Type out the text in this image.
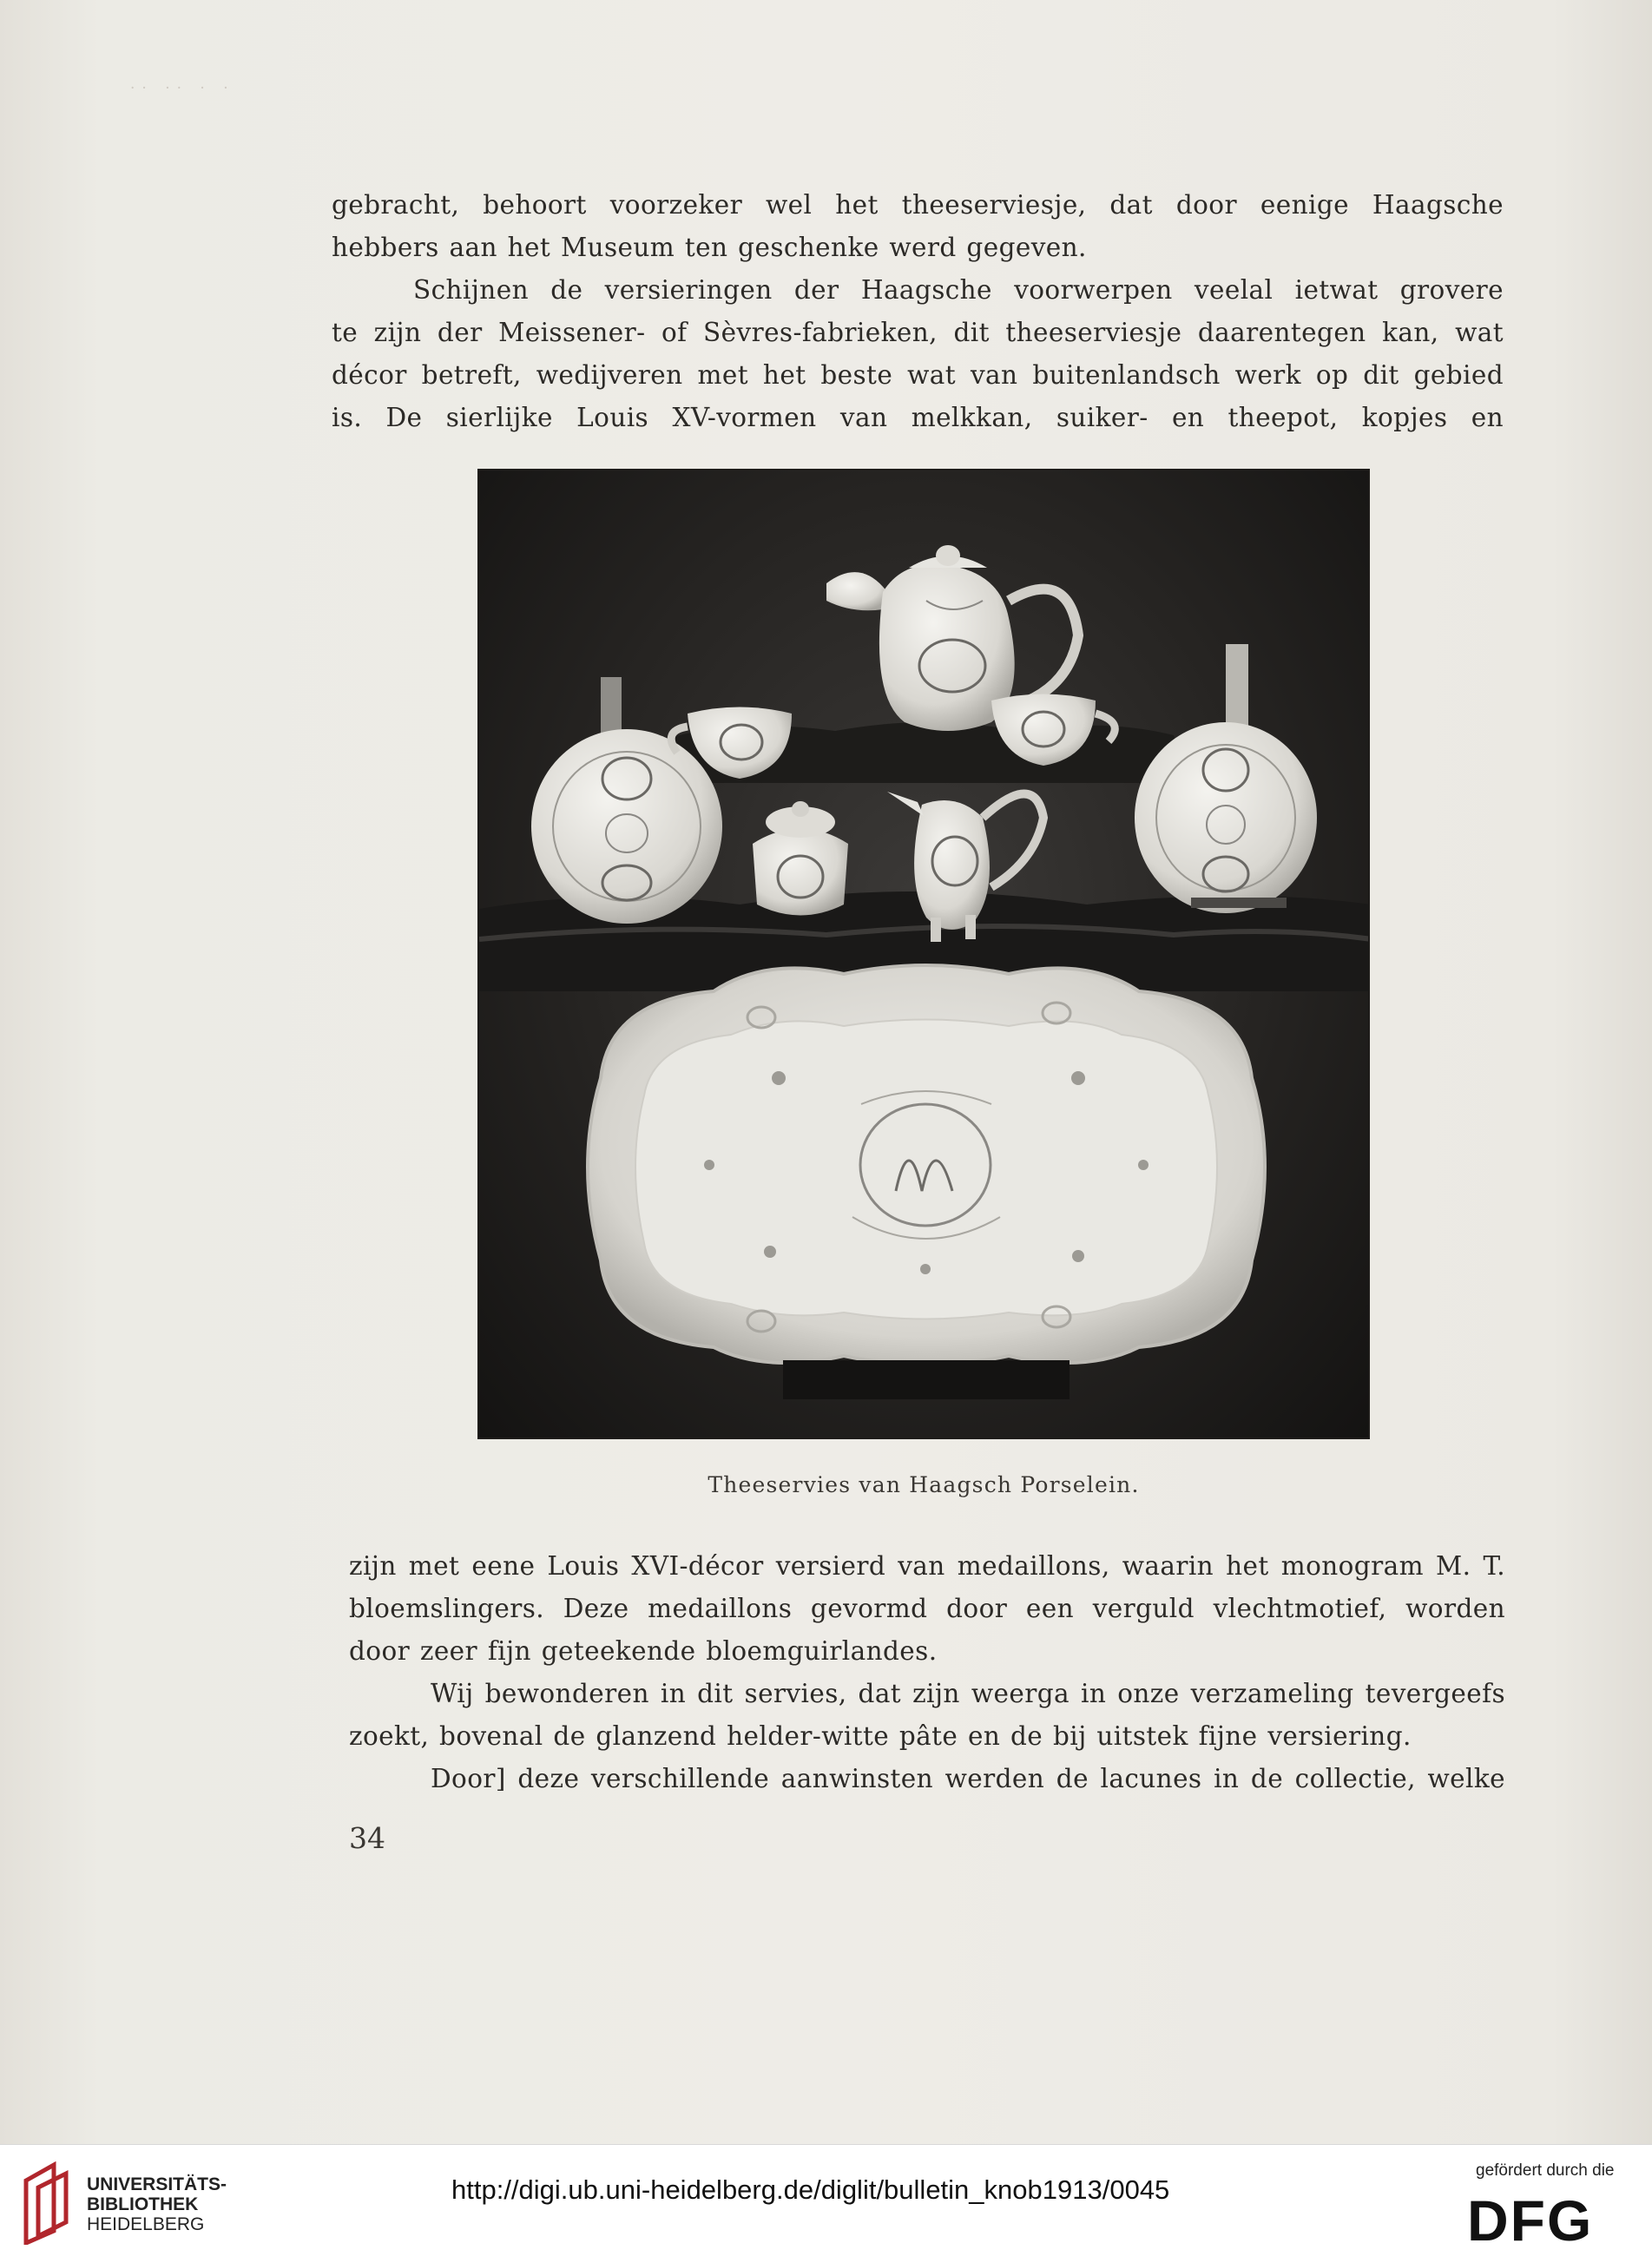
·· ·· · ·

gebracht, behoort voorzeker wel het theeserviesje, dat door eenige Haagsche
hebbers aan het Museum ten geschenke werd gegeven.
Schijnen de versieringen der Haagsche voorwerpen veelal ietwat grovere
te zijn der Meissener- of Sèvres-fabrieken, dit theeserviesje daarentegen kan, wat
décor betreft, wedijveren met het beste wat van buitenlandsch werk op dit gebied
is. De sierlijke Louis XV-vormen van melkkan, suiker- en theepot, kopjes en

Theeservies van Haagsch Porselein.

zijn met eene Louis XVI-décor versierd van medaillons, waarin het monogram M. T.
bloemslingers. Deze medaillons gevormd door een verguld vlechtmotief, worden
door zeer fijn geteekende bloemguirlandes.
Wij bewonderen in dit servies, dat zijn weerga in onze verzameling tevergeefs
zoekt, bovenal de glanzend helder-witte pâte en de bij uitstek fijne versiering.
Door] deze verschillende aanwinsten werden de lacunes in de collectie, welke

34
UNIVERSITÄTS-
BIBLIOTHEK
HEIDELBERG
http://digi.ub.uni-heidelberg.de/diglit/bulletin_knob1913/0045
gefördert durch die
DFG
